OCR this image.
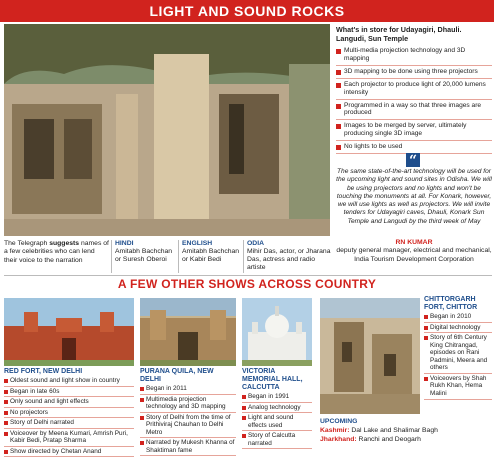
LIGHT AND SOUND ROCKS
What's in store for Udayagiri, Dhauli. Langudi, Sun Temple
Multi-media projection technology and 3D mapping
3D mapping to be done using three projectors
Each projector to produce light of 20,000 lumens intensity
Programmed in a way so that three images are produced
Images to be merged by server, ultimately producing single 3D image
No lights to be used
“
The same state-of-the-art technology will be used for the upcoming light and sound sites in Odisha. We will be using projectors and no lights and won't be touching the monuments at all. For Konark, however, we will use lights as well as projectors. We will invite tenders for Udayagiri caves, Dhauli, Konark Sun Temple and Langudi by the third week of May
The Telegraph suggests names of a few celebrities who can lend their voice to the narration
HINDI
Amitabh Bachchan or Suresh Oberoi
ENGLISH
Amitabh Bachchan or Kabir Bedi
ODIA
Mihir Das, actor, or Jharana Das, actress and radio artiste
RN KUMAR
deputy general manager, electrical and mechanical, India Tourism Development Corporation
A FEW OTHER SHOWS ACROSS COUNTRY
RED FORT, NEW DELHI
Oldest sound and light show in country
Began in late 60s
Only sound and light effects
No projectors
Story of Delhi narrated
Voiceover by Meena Kumari, Amrish Puri, Kabir Bedi, Pratap Sharma
Show directed by Chetan Anand
PURANA QUILA, NEW DELHI
Began in 2011
Multimedia projection technology and 3D mapping
Story of Delhi from the time of Prithiviraj Chauhan to Delhi Metro
Narrated by Mukesh Khanna of Shaktiman fame
VICTORIA MEMORIAL HALL, CALCUTTA
Began in 1991
Analog technology
Light and sound effects used
Story of Calcutta narrated
CHITTORGARH FORT, CHITTOR
Began in 2010
Digital technology
Story of 6th Century King Chitrangad, episodes on Rani Padmini, Meera and others
Voiceovers by Shah Rukh Khan, Hema Malini
UPCOMING
Kashmir: Dal Lake and Shalimar Bagh
Jharkhand: Ranchi and Deogarh
